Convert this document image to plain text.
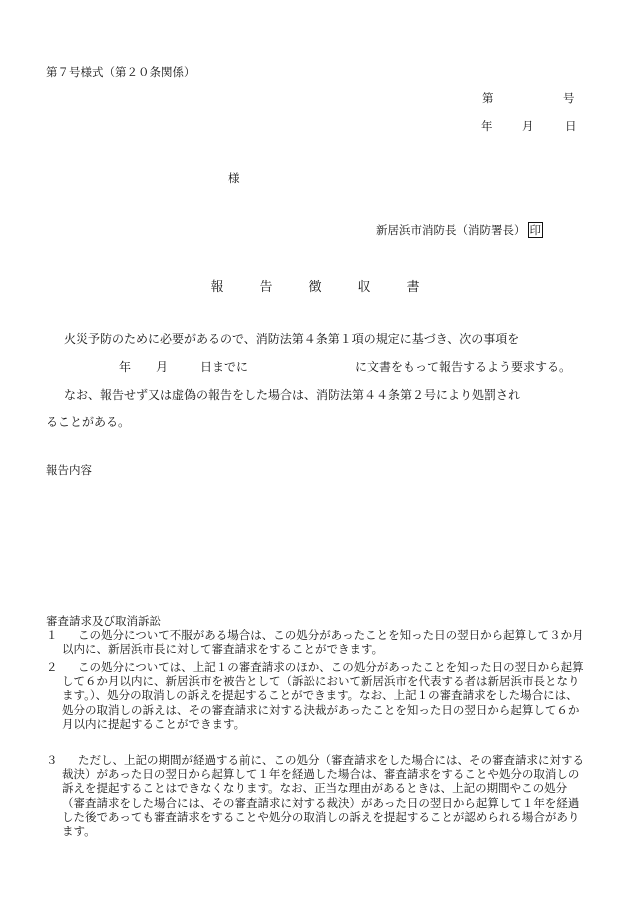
第７号様式（第２０条関係）
第	号
年	月	日
様
新居浜市消防長（消防署長） 印
報 告 徴 収 書
火災予防のために必要があるので、消防法第４条第１項の規定に基づき、次の事項を
年 月	日までに	に文書をもって報告するよう要求する。
なお、報告せず又は虚偽の報告をした場合は、消防法第４４条第２号により処罰され
ることがある。
報告内容
審査請求及び取消訴訟
１	この処分について不服がある場合は、この処分があったことを知った日の翌日から起算して３か月以内に、新居浜市長に対して審査請求をすることができます。
２	この処分については、上記１の審査請求のほか、この処分があったことを知った日の翌日から起算して６か月以内に、新居浜市を被告として（訴訟において新居浜市を代表する者は新居浜市長となります。）、処分の取消しの訴えを提起することができます。なお、上記１の審査請求をした場合には、処分の取消しの訴えは、その審査請求に対する決裁があったことを知った日の翌日から起算して６か月以内に提起することができます。
３	ただし、上記の期間が経過する前に、この処分（審査請求をした場合には、その審査請求に対する裁決）があった日の翌日から起算して１年を経過した場合は、審査請求をすることや処分の取消しの訴えを提起することはできなくなります。なお、正当な理由があるときは、上記の期間やこの処分（審査請求をした場合には、その審査請求に対する裁決）があった日の翌日から起算して１年を経過した後であっても審査請求をすることや処分の取消しの訴えを提起することが認められる場合があります。
